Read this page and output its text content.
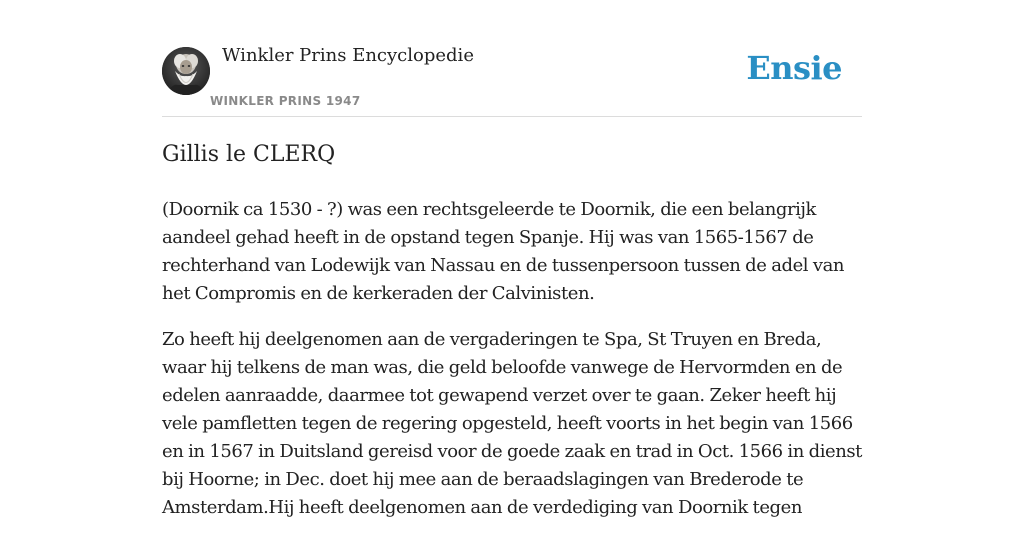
Winkler Prins Encyclopedie
WINKLER PRINS 1947
Ensie
Gillis le CLERQ

(Doornik ca 1530 - ?) was een rechtsgeleerde te Doornik, die een belangrijk aandeel gehad heeft in de opstand tegen Spanje. Hij was van 1565-1567 de rechterhand van Lodewijk van Nassau en de tussenpersoon tussen de adel van het Compromis en de kerkeraden der Calvinisten.

Zo heeft hij deelgenomen aan de vergaderingen te Spa, St Truyen en Breda, waar hij telkens de man was, die geld beloofde vanwege de Hervormden en de edelen aanraadde, daarmee tot gewapend verzet over te gaan. Zeker heeft hij vele pamfletten tegen de regering opgesteld, heeft voorts in het begin van 1566 en in 1567 in Duitsland gereisd voor de goede zaak en trad in Oct. 1566 in dienst bij Hoorne; in Dec. doet hij mee aan de beraadslagingen van Brederode te Amsterdam.Hij heeft deelgenomen aan de verdediging van Doornik tegen
